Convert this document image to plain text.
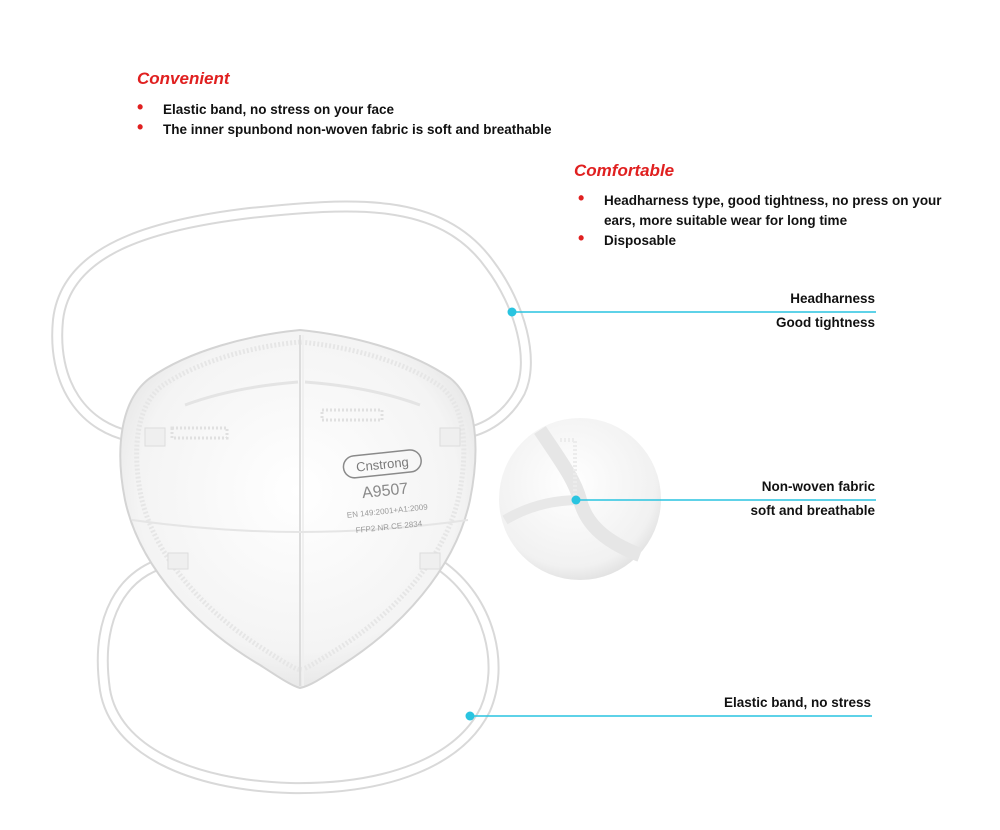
Convenient
• Elastic band, no stress on your face
• The inner spunbond non-woven fabric is soft and breathable
Comfortable
• Headharness type, good tightness, no press on your ears, more suitable wear for long time
• Disposable
Cnstrong
A9507
EN 149:2001+A1:2009
FFP2 NR CE 2834
Headharness
Good tightness
Non-woven fabric
soft and breathable
Elastic band, no stress
